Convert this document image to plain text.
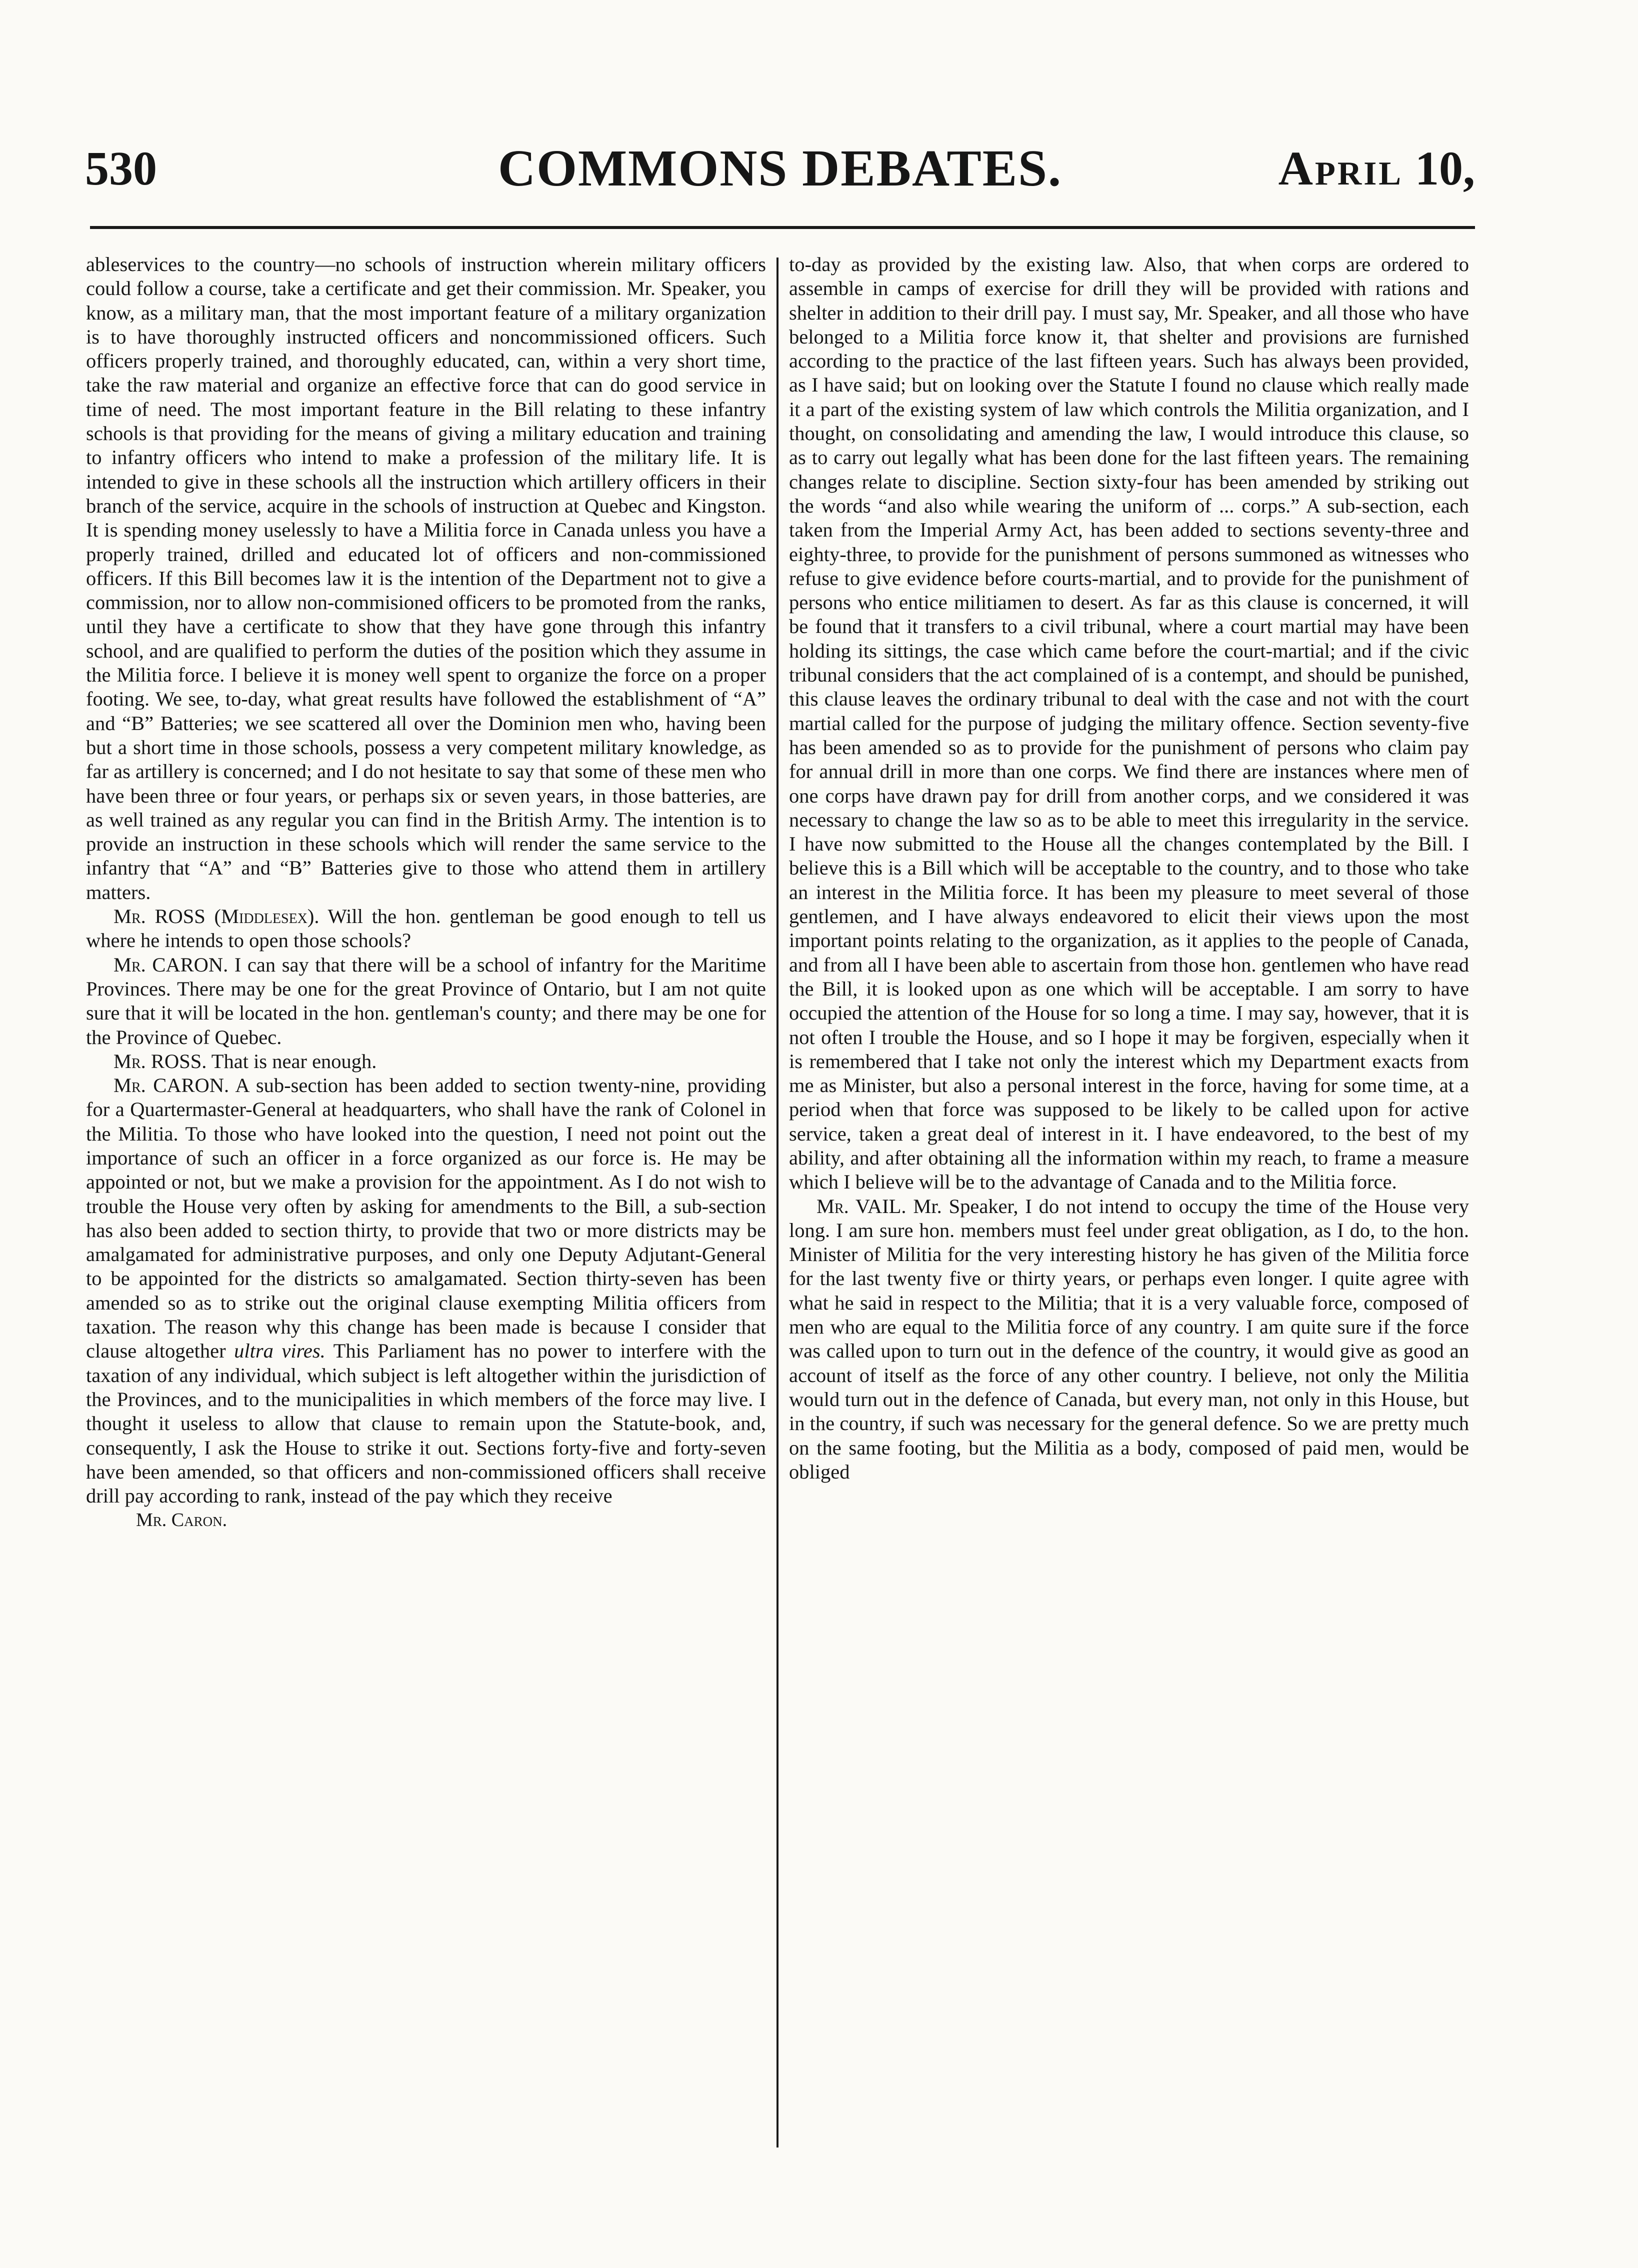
530	COMMONS DEBATES.	April 10,

ableservices to the country—no schools of instruction wherein military officers could follow a course, take a certificate and get their commission. Mr. Speaker, you know, as a military man, that the most important feature of a military organization is to have thoroughly instructed officers and noncommissioned officers. Such officers properly trained, and thoroughly educated, can, within a very short time, take the raw material and organize an effective force that can do good service in time of need. The most important feature in the Bill relating to these infantry schools is that providing for the means of giving a military education and training to infantry officers who intend to make a profession of the military life. It is intended to give in these schools all the instruction which artillery officers in their branch of the service, acquire in the schools of instruction at Quebec and Kingston. It is spending money uselessly to have a Militia force in Canada unless you have a properly trained, drilled and educated lot of officers and non-commissioned officers. If this Bill becomes law it is the intention of the Department not to give a commission, nor to allow non-commisioned officers to be promoted from the ranks, until they have a certificate to show that they have gone through this infantry school, and are qualified to perform the duties of the position which they assume in the Militia force. I believe it is money well spent to organize the force on a proper footing. We see, to-day, what great results have followed the establishment of “A” and “B” Batteries; we see scattered all over the Dominion men who, having been but a short time in those schools, possess a very competent military knowledge, as far as artillery is concerned; and I do not hesitate to say that some of these men who have been three or four years, or perhaps six or seven years, in those batteries, are as well trained as any regular you can find in the British Army. The intention is to provide an instruction in these schools which will render the same service to the infantry that “A” and “B” Batteries give to those who attend them in artillery matters.

Mr. ROSS (Middlesex). Will the hon. gentleman be good enough to tell us where he intends to open those schools?

Mr. CARON. I can say that there will be a school of infantry for the Maritime Provinces. There may be one for the great Province of Ontario, but I am not quite sure that it will be located in the hon. gentleman's county; and there may be one for the Province of Quebec.

Mr. ROSS. That is near enough.

Mr. CARON. A sub-section has been added to section twenty-nine, providing for a Quartermaster-General at headquarters, who shall have the rank of Colonel in the Militia. To those who have looked into the question, I need not point out the importance of such an officer in a force organized as our force is. He may be appointed or not, but we make a provision for the appointment. As I do not wish to trouble the House very often by asking for amendments to the Bill, a sub-section has also been added to section thirty, to provide that two or more districts may be amalgamated for administrative purposes, and only one Deputy Adjutant-General to be appointed for the districts so amalgamated. Section thirty-seven has been amended so as to strike out the original clause exempting Militia officers from taxation. The reason why this change has been made is because I consider that clause altogether ultra vires. This Parliament has no power to interfere with the taxation of any individual, which subject is left altogether within the jurisdiction of the Provinces, and to the municipalities in which members of the force may live. I thought it useless to allow that clause to remain upon the Statute-book, and, consequently, I ask the House to strike it out. Sections forty-five and forty-seven have been amended, so that officers and non-commissioned officers shall receive drill pay according to rank, instead of the pay which they receive

Mr. Caron.

to-day as provided by the existing law. Also, that when corps are ordered to assemble in camps of exercise for drill they will be provided with rations and shelter in addition to their drill pay. I must say, Mr. Speaker, and all those who have belonged to a Militia force know it, that shelter and provisions are furnished according to the practice of the last fifteen years. Such has always been provided, as I have said; but on looking over the Statute I found no clause which really made it a part of the existing system of law which controls the Militia organization, and I thought, on consolidating and amending the law, I would introduce this clause, so as to carry out legally what has been done for the last fifteen years. The remaining changes relate to discipline. Section sixty-four has been amended by striking out the words “and also while wearing the uniform of ... corps.” A sub-section, each taken from the Imperial Army Act, has been added to sections seventy-three and eighty-three, to provide for the punishment of persons summoned as witnesses who refuse to give evidence before courts-martial, and to provide for the punishment of persons who entice militiamen to desert. As far as this clause is concerned, it will be found that it transfers to a civil tribunal, where a court martial may have been holding its sittings, the case which came before the court-martial; and if the civic tribunal considers that the act complained of is a contempt, and should be punished, this clause leaves the ordinary tribunal to deal with the case and not with the court martial called for the purpose of judging the military offence. Section seventy-five has been amended so as to provide for the punishment of persons who claim pay for annual drill in more than one corps. We find there are instances where men of one corps have drawn pay for drill from another corps, and we considered it was necessary to change the law so as to be able to meet this irregularity in the service. I have now submitted to the House all the changes contemplated by the Bill. I believe this is a Bill which will be acceptable to the country, and to those who take an interest in the Militia force. It has been my pleasure to meet several of those gentlemen, and I have always endeavored to elicit their views upon the most important points relating to the organization, as it applies to the people of Canada, and from all I have been able to ascertain from those hon. gentlemen who have read the Bill, it is looked upon as one which will be acceptable. I am sorry to have occupied the attention of the House for so long a time. I may say, however, that it is not often I trouble the House, and so I hope it may be forgiven, especially when it is remembered that I take not only the interest which my Department exacts from me as Minister, but also a personal interest in the force, having for some time, at a period when that force was supposed to be likely to be called upon for active service, taken a great deal of interest in it. I have endeavored, to the best of my ability, and after obtaining all the information within my reach, to frame a measure which I believe will be to the advantage of Canada and to the Militia force.

Mr. VAIL. Mr. Speaker, I do not intend to occupy the time of the House very long. I am sure hon. members must feel under great obligation, as I do, to the hon. Minister of Militia for the very interesting history he has given of the Militia force for the last twenty five or thirty years, or perhaps even longer. I quite agree with what he said in respect to the Militia; that it is a very valuable force, composed of men who are equal to the Militia force of any country. I am quite sure if the force was called upon to turn out in the defence of the country, it would give as good an account of itself as the force of any other country. I believe, not only the Militia would turn out in the defence of Canada, but every man, not only in this House, but in the country, if such was necessary for the general defence. So we are pretty much on the same footing, but the Militia as a body, composed of paid men, would be obliged
